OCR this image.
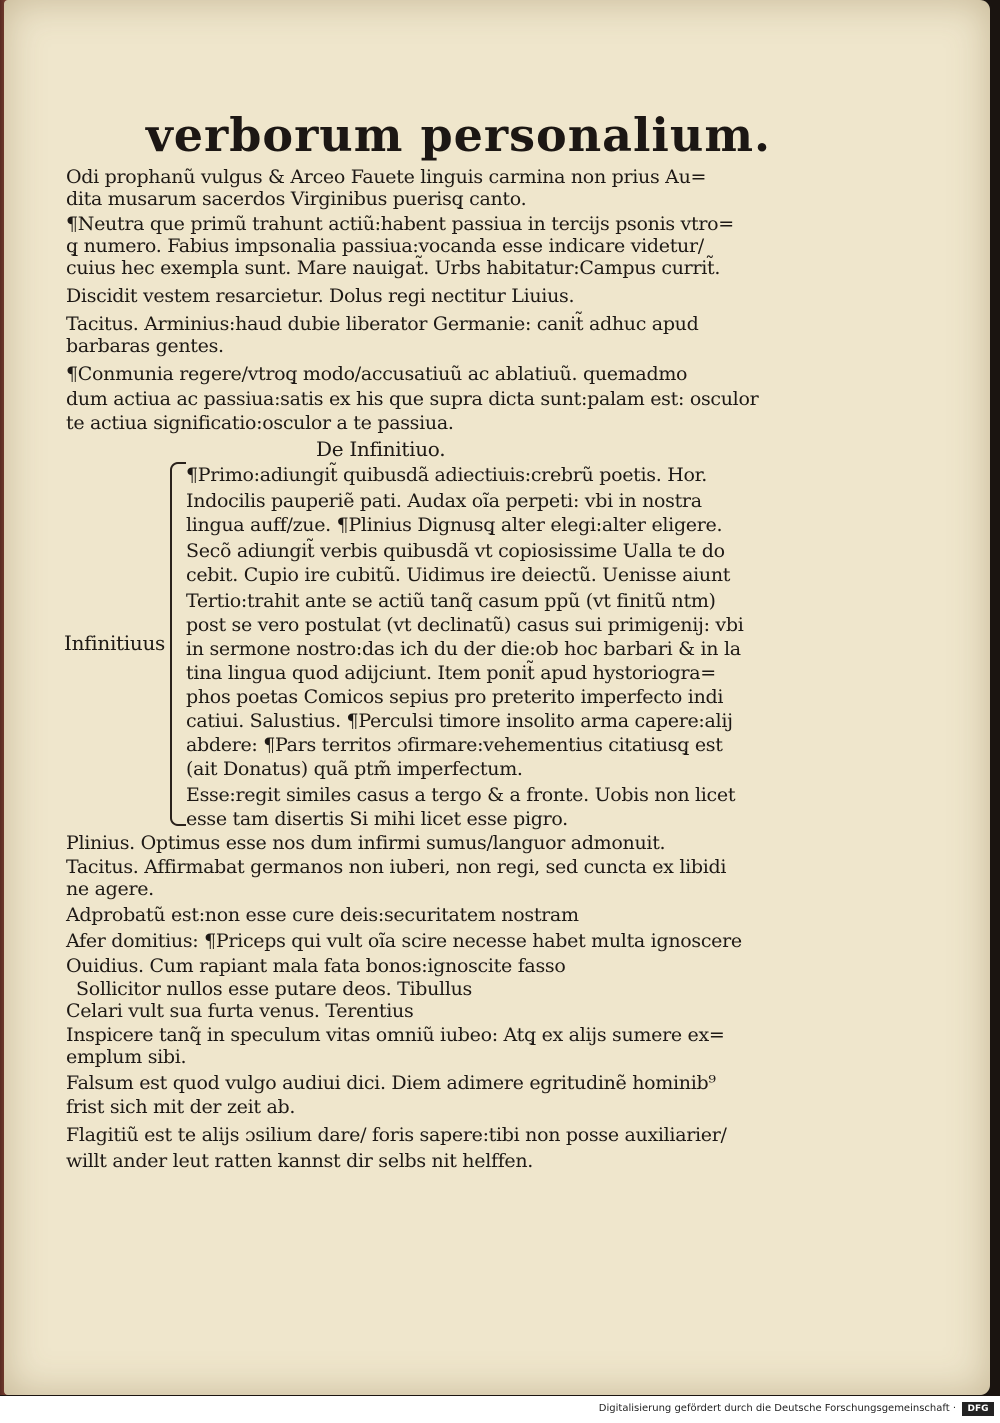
verborum personalium.
Infinitiuus
Odi prophanũ vulgus & Arceo Fauete linguis carmina non prius Au=
dita musarum sacerdos Virginibus puerisq̧ canto.
¶Neutra que primũ trahunt actiũ:habent passiua in tercijs psonis vtro=
q̧ numero. Fabius impsonalia passiua:vocanda esse indicare videtur/
cuius hec exempla sunt. Mare nauigat̃. Urbs habitatur:Campus currit̃.
Discidit vestem resarcietur. Dolus regi nectitur Liuius.
Tacitus. Arminius:haud dubie liberator Germanie: canit̃ adhuc apud
barbaras gentes.
¶Conmunia regere/vtroq̧ modo/accusatiuũ ac ablatiuũ. quemadmo
dum actiua ac passiua:satis ex his que supra dicta sunt:palam est: osculor
te actiua significatio:osculor a te passiua.
De Infinitiuo.
¶Primo:adiungit̃ quibusdã adiectiuis:crebrũ poetis. Hor.
Indocilis pauperiẽ pati. Audax oĩa perpeti: vbi in nostra
lingua auff/zue. ¶Plinius Dignusq̧ alter elegi:alter eligere.
Secõ adiungit̃ verbis quibusdã vt copiosissime Ualla te do
cebit. Cupio ire cubitũ. Uidimus ire deiectũ. Uenisse aiunt
Tertio:trahit ante se actiũ tanq̃ casum ppũ (vt finitũ ntm)
post se vero postulat (vt declinatũ) casus sui primigenij: vbi
in sermone nostro:das ich du der die:ob hoc barbari & in la
tina lingua quod adijciunt. Item ponit̃ apud hystoriogra=
phos poetas Comicos sepius pro preterito imperfecto indi
catiui. Salustius. ¶Perculsi timore insolito arma capere:alij
abdere: ¶Pars territos ɔfirmare:vehementius citatiusq̧ est
(ait Donatus) quã ptm̃ imperfectum.
Esse:regit similes casus a tergo & a fronte. Uobis non licet
esse tam disertis Si mihi licet esse pigro.
Plinius. Optimus esse nos dum infirmi sumus/languor admonuit.
Tacitus. Affirmabat germanos non iuberi, non regi, sed cuncta ex libidi
ne agere.
Adprobatũ est:non esse cure deis:securitatem nostram
Afer domitius: ¶Priceps qui vult oĩa scire necesse habet multa ignoscere
Ouidius. Cum rapiant mala fata bonos:ignoscite fasso
Sollicitor nullos esse putare deos. Tibullus
Celari vult sua furta venus. Terentius
Inspicere tanq̃ in speculum vitas omniũ iubeo: Atq̧ ex alijs sumere ex=
emplum sibi.
Falsum est quod vulgo audiui dici. Diem adimere egritudinẽ hominib⁹
frist sich mit der zeit ab.
Flagitiũ est te alijs ɔsilium dare/ foris sapere:tibi non posse auxiliarier/
willt ander leut ratten kannst dir selbs nit helffen.
Digitalisierung gefördert durch die Deutsche Forschungsgemeinschaft ·	DFG
